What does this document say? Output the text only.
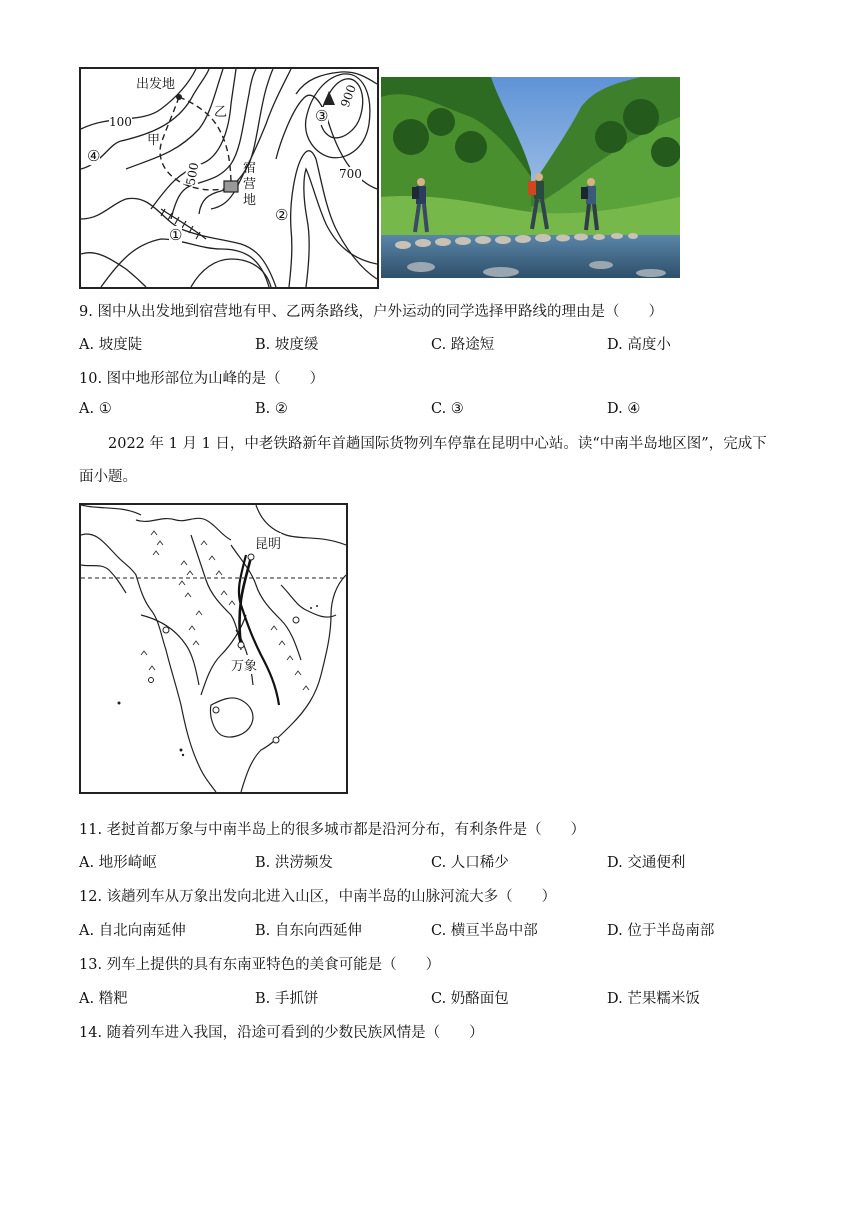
出发地
甲
乙
宿营地
100
500	700
900
①
②
③
④
9. 图中从出发地到宿营地有甲、乙两条路线，户外运动的同学选择甲路线的理由是（　　）
A. 坡度陡	B. 坡度缓	C. 路途短	D. 高度小
10. 图中地形部位为山峰的是（　　）
A. ①	B. ②	C. ③	D. ④
2022 年 1 月 1 日，中老铁路新年首趟国际货物列车停靠在昆明中心站。读“中南半岛地区图”，完成下面小题。
昆明
万象
11. 老挝首都万象与中南半岛上的很多城市都是沿河分布，有利条件是（　　）
A. 地形崎岖	B. 洪涝频发	C. 人口稀少	D. 交通便利
12. 该趟列车从万象出发向北进入山区，中南半岛的山脉河流大多（　　）
A. 自北向南延伸	B. 自东向西延伸	C. 横亘半岛中部	D. 位于半岛南部
13. 列车上提供的具有东南亚特色的美食可能是（　　）
A. 糌粑	B. 手抓饼	C. 奶酪面包	D. 芒果糯米饭
14. 随着列车进入我国，沿途可看到的少数民族风情是（　　）
